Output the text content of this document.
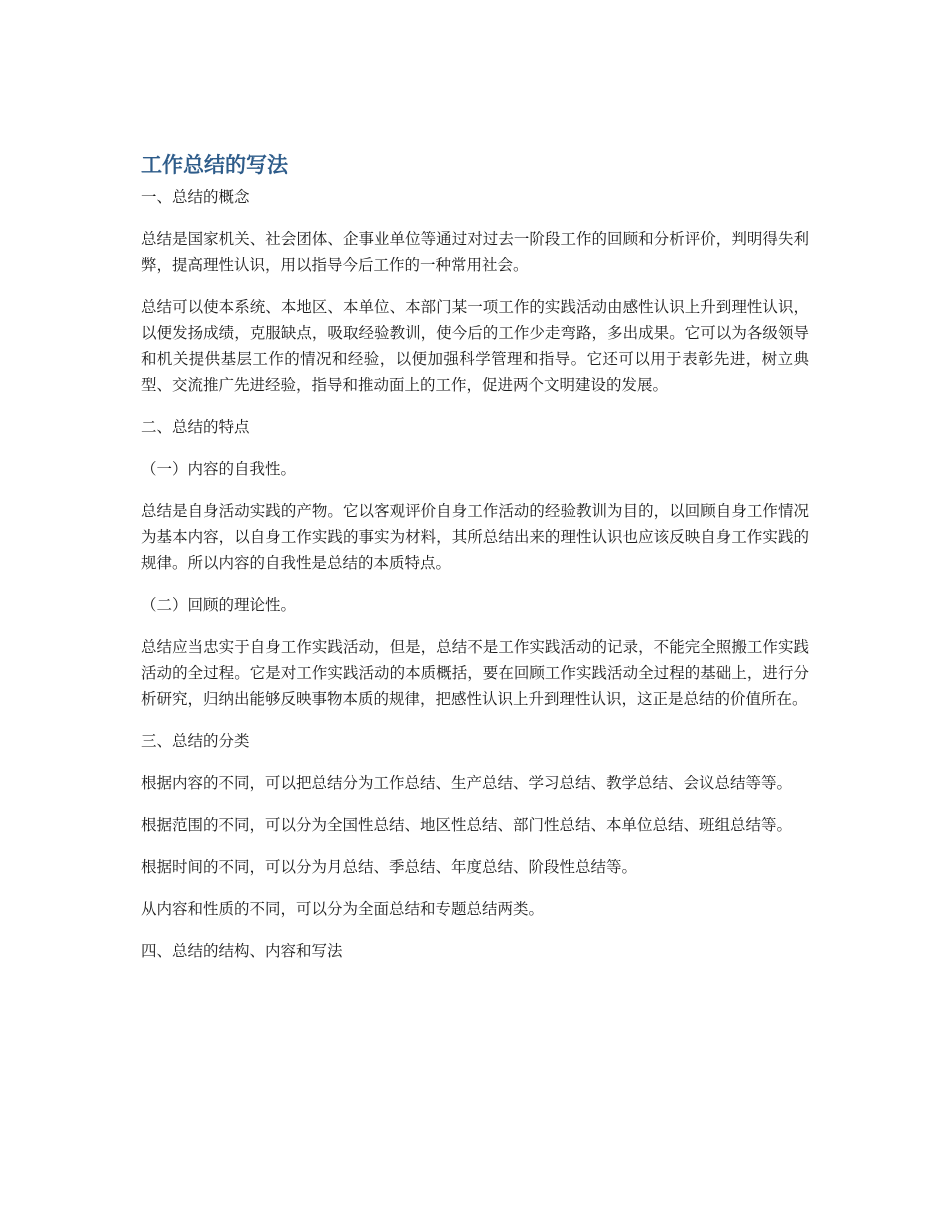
工作总结的写法
一、总结的概念

总结是国家机关、社会团体、企事业单位等通过对过去一阶段工作的回顾和分析评价，判明得失利弊，提高理性认识，用以指导今后工作的一种常用社会。

总结可以使本系统、本地区、本单位、本部门某一项工作的实践活动由感性认识上升到理性认识，以便发扬成绩，克服缺点，吸取经验教训，使今后的工作少走弯路，多出成果。它可以为各级领导和机关提供基层工作的情况和经验，以便加强科学管理和指导。它还可以用于表彰先进，树立典型、交流推广先进经验，指导和推动面上的工作，促进两个文明建设的发展。

二、总结的特点
（一）内容的自我性。

总结是自身活动实践的产物。它以客观评价自身工作活动的经验教训为目的，以回顾自身工作情况为基本内容，以自身工作实践的事实为材料，其所总结出来的理性认识也应该反映自身工作实践的规律。所以内容的自我性是总结的本质特点。

（二）回顾的理论性。

总结应当忠实于自身工作实践活动，但是，总结不是工作实践活动的记录，不能完全照搬工作实践活动的全过程。它是对工作实践活动的本质概括，要在回顾工作实践活动全过程的基础上，进行分析研究，归纳出能够反映事物本质的规律，把感性认识上升到理性认识，这正是总结的价值所在。

三、总结的分类

根据内容的不同，可以把总结分为工作总结、生产总结、学习总结、教学总结、会议总结等等。

根据范围的不同，可以分为全国性总结、地区性总结、部门性总结、本单位总结、班组总结等。

根据时间的不同，可以分为月总结、季总结、年度总结、阶段性总结等。

从内容和性质的不同，可以分为全面总结和专题总结两类。

四、总结的结构、内容和写法
